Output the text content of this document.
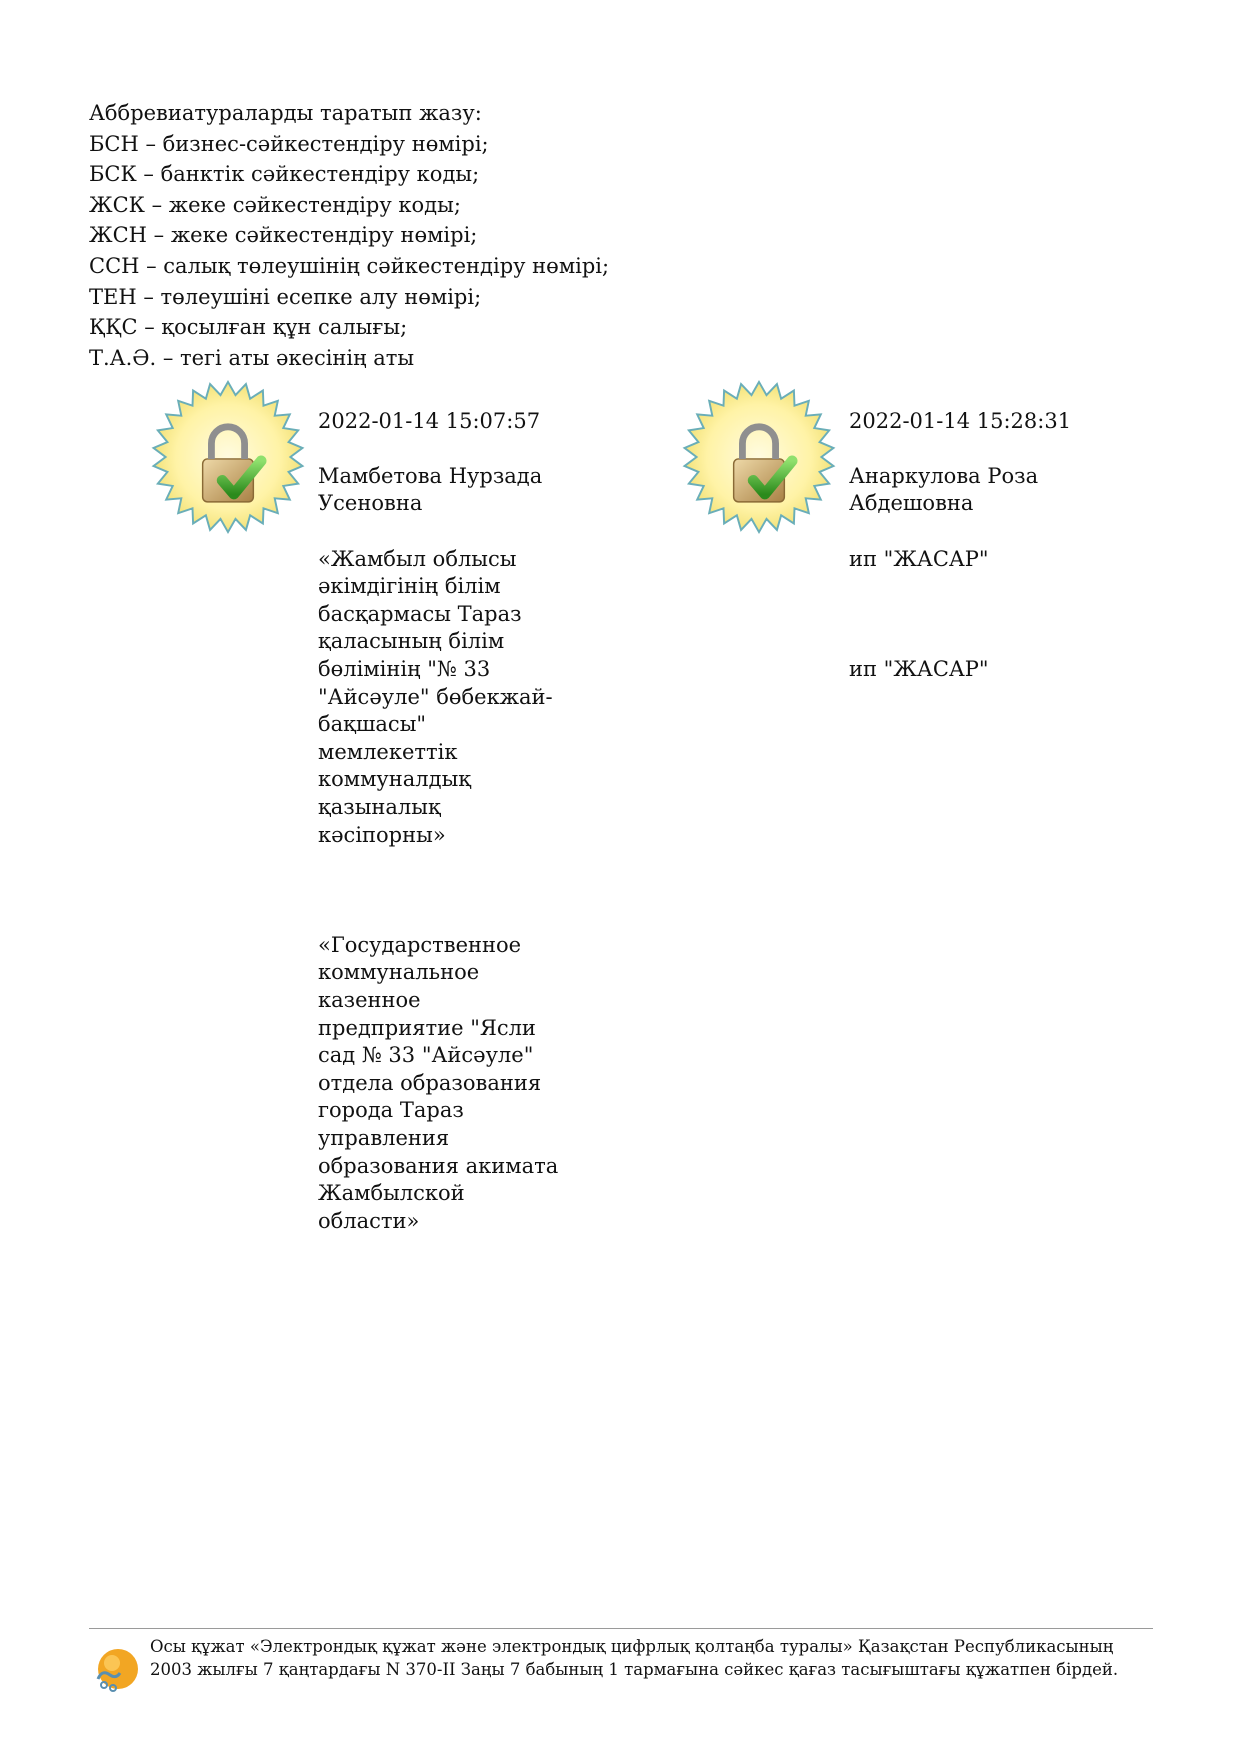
Аббревиатураларды таратып жазу:
БСН – бизнес-сәйкестендіру нөмірі;
БСК – банктік сәйкестендіру коды;
ЖСК – жеке сәйкестендіру коды;
ЖСН – жеке сәйкестендіру нөмірі;
ССН – салық төлеушінің сәйкестендіру нөмірі;
ТЕН – төлеушіні есепке алу нөмірі;
ҚҚС – қосылған құн салығы;
Т.А.Ә. – тегі аты әкесінің аты

2022-01-14 15:07:57

Мамбетова Нурзада Усеновна

«Жамбыл облысы әкімдігінің білім басқармасы Тараз қаласының білім бөлімінің "№ 33 "Айсәуле" бөбекжай-бақшасы" мемлекеттік коммуналдық қазыналық кәсіпорны»

«Государственное коммунальное казенное предприятие "Ясли сад № 33 "Айсәуле" отдела образования города Тараз управления образования акимата Жамбылской области»

2022-01-14 15:28:31

Анаркулова Роза Абдешовна

ип "ЖАСАР"

ип "ЖАСАР"

Осы құжат «Электрондық құжат және электрондық цифрлық қолтаңба туралы» Қазақстан Республикасының 2003 жылғы 7 қаңтардағы N 370-II Заңы 7 бабының 1 тармағына сәйкес қағаз тасығыштағы құжатпен бірдей.
